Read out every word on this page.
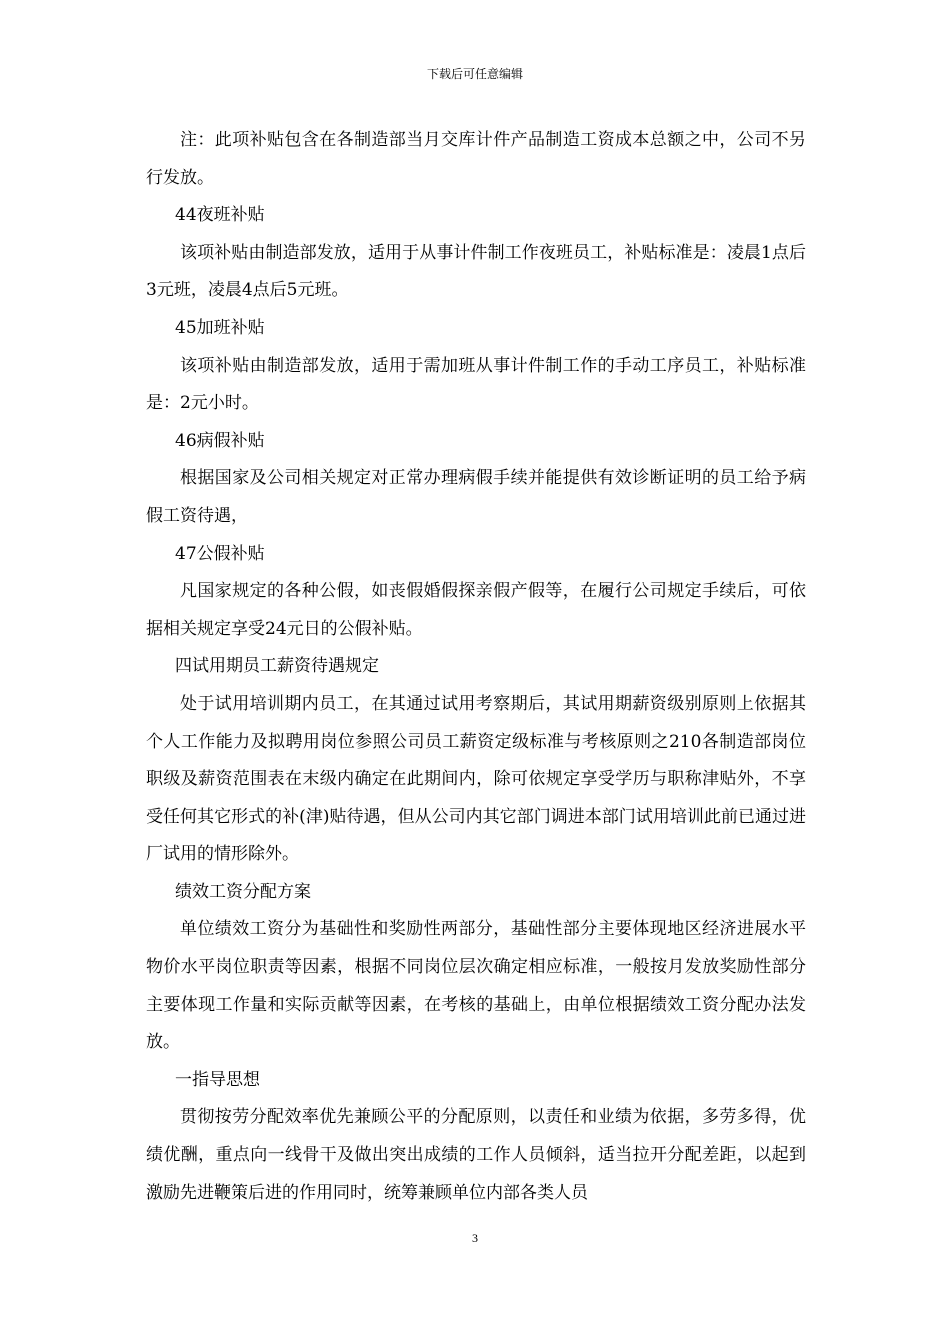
下载后可任意编辑

注：此项补贴包含在各制造部当月交库计件产品制造工资成本总额之中，公司不另行发放。

44夜班补贴

该项补贴由制造部发放，适用于从事计件制工作夜班员工，补贴标准是：凌晨1点后3元班，凌晨4点后5元班。

45加班补贴

该项补贴由制造部发放，适用于需加班从事计件制工作的手动工序员工，补贴标准是：2元小时。

46病假补贴

根据国家及公司相关规定对正常办理病假手续并能提供有效诊断证明的员工给予病假工资待遇，

47公假补贴

凡国家规定的各种公假，如丧假婚假探亲假产假等，在履行公司规定手续后，可依据相关规定享受24元日的公假补贴。

四试用期员工薪资待遇规定

处于试用培训期内员工，在其通过试用考察期后，其试用期薪资级别原则上依据其个人工作能力及拟聘用岗位参照公司员工薪资定级标准与考核原则之210各制造部岗位职级及薪资范围表在末级内确定在此期间内，除可依规定享受学历与职称津贴外，不享受任何其它形式的补(津)贴待遇，但从公司内其它部门调进本部门试用培训此前已通过进厂试用的情形除外。

绩效工资分配方案

单位绩效工资分为基础性和奖励性两部分，基础性部分主要体现地区经济进展水平物价水平岗位职责等因素，根据不同岗位层次确定相应标准，一般按月发放奖励性部分主要体现工作量和实际贡献等因素，在考核的基础上，由单位根据绩效工资分配办法发放。

一指导思想

贯彻按劳分配效率优先兼顾公平的分配原则，以责任和业绩为依据，多劳多得，优绩优酬，重点向一线骨干及做出突出成绩的工作人员倾斜，适当拉开分配差距，以起到激励先进鞭策后进的作用同时，统筹兼顾单位内部各类人员

3
